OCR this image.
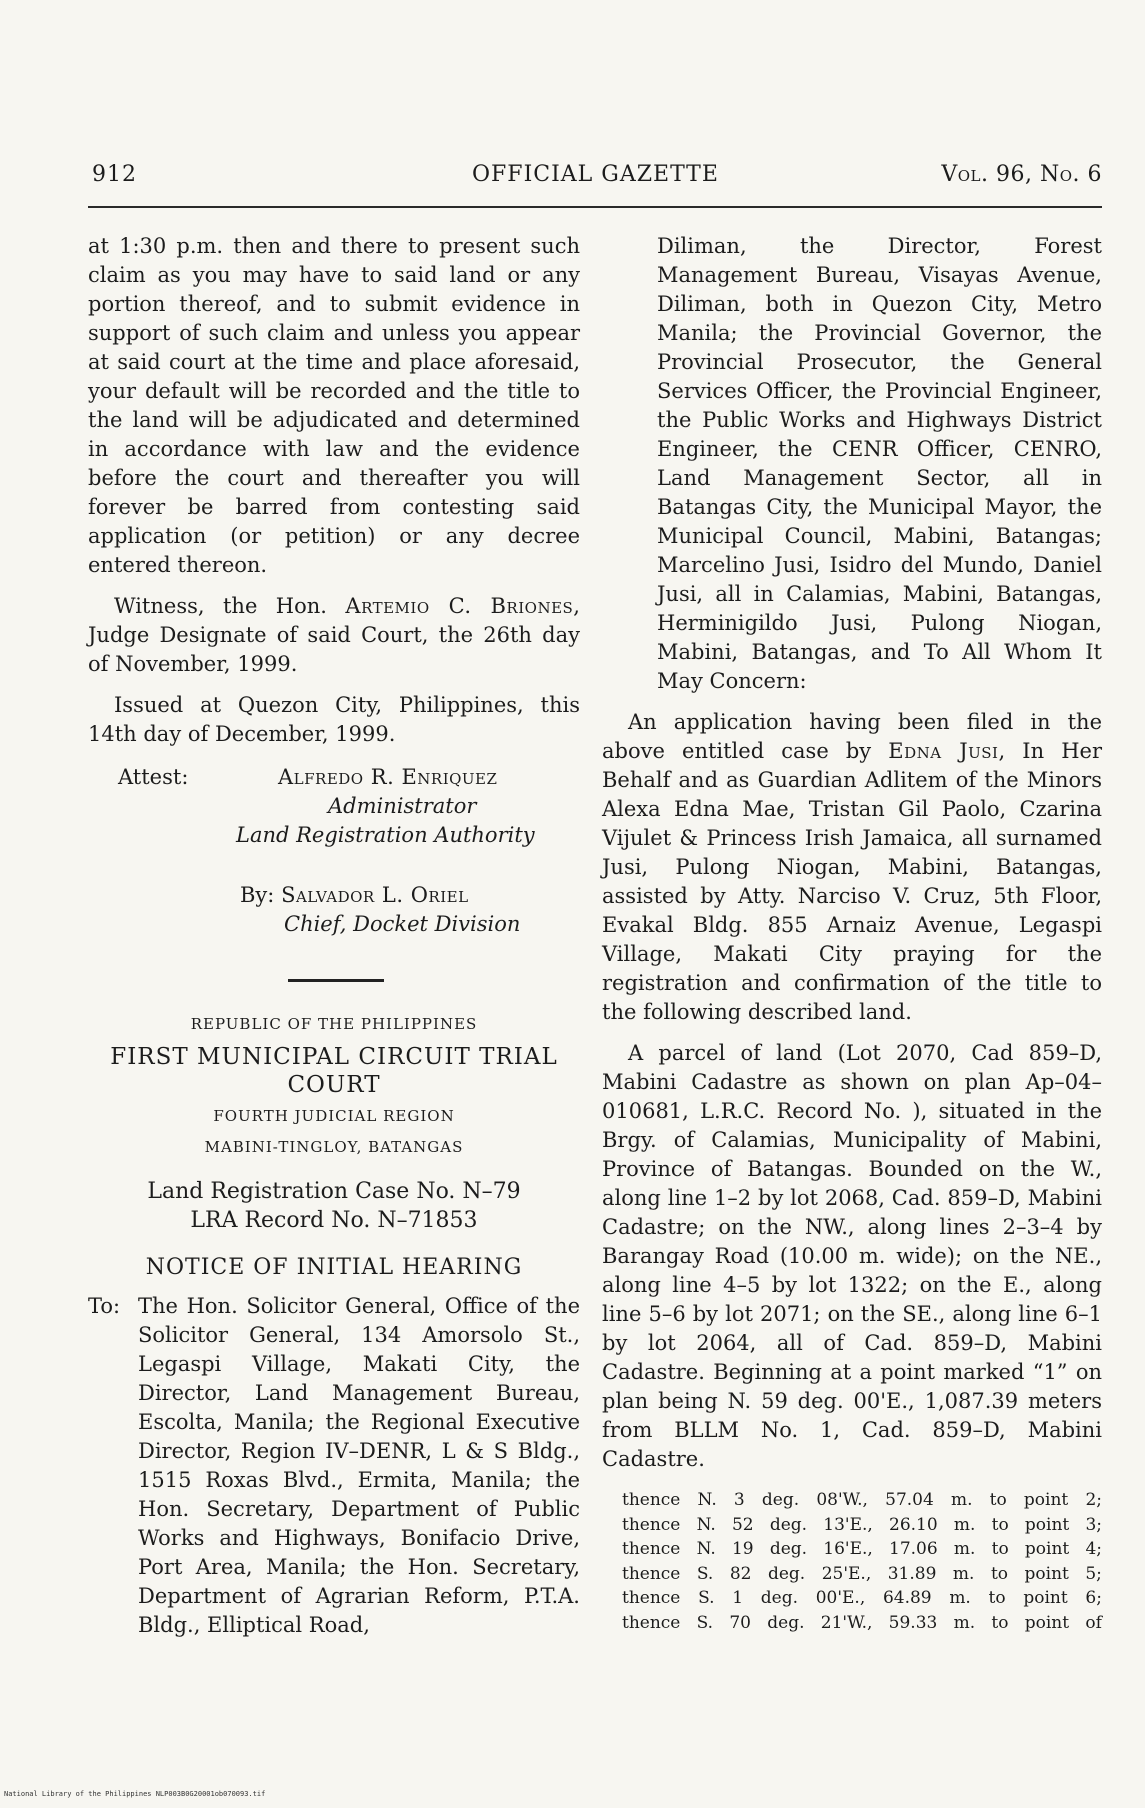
912	OFFICIAL GAZETTE	Vol. 96, No. 6

at 1:30 p.m. then and there to present such claim as you may have to said land or any portion thereof, and to submit evidence in support of such claim and unless you appear at said court at the time and place aforesaid, your default will be recorded and the title to the land will be adjudicated and determined in accordance with law and the evidence before the court and thereafter you will forever be barred from contesting said application (or petition) or any decree entered thereon.

Witness, the Hon. Artemio C. Briones, Judge Designate of said Court, the 26th day of November, 1999.

Issued at Quezon City, Philippines, this 14th day of December, 1999.

Attest:	Alfredo R. Enriquez
Administrator
Land Registration Authority
By: Salvador L. Oriel
Chief, Docket Division
REPUBLIC OF THE PHILIPPINES
FIRST MUNICIPAL CIRCUIT TRIAL COURT
FOURTH JUDICIAL REGION
MABINI-TINGLOY, BATANGAS
Land Registration Case No. N–79
LRA Record No. N–71853
NOTICE OF INITIAL HEARING
To: The Hon. Solicitor General, Office of the Solicitor General, 134 Amorsolo St., Legaspi Village, Makati City, the Director, Land Management Bureau, Escolta, Manila; the Regional Executive Director, Region IV–DENR, L & S Bldg., 1515 Roxas Blvd., Ermita, Manila; the Hon. Secretary, Department of Public Works and Highways, Bonifacio Drive, Port Area, Manila; the Hon. Secretary, Department of Agrarian Reform, P.T.A. Bldg., Elliptical Road,

Diliman, the Director, Forest Management Bureau, Visayas Avenue, Diliman, both in Quezon City, Metro Manila; the Provincial Governor, the Provincial Prosecutor, the General Services Officer, the Provincial Engineer, the Public Works and Highways District Engineer, the CENR Officer, CENRO, Land Management Sector, all in Batangas City, the Municipal Mayor, the Municipal Council, Mabini, Batangas; Marcelino Jusi, Isidro del Mundo, Daniel Jusi, all in Calamias, Mabini, Batangas, Herminigildo Jusi, Pulong Niogan, Mabini, Batangas, and To All Whom It May Concern:

An application having been filed in the above entitled case by Edna Jusi, In Her Behalf and as Guardian Adlitem of the Minors Alexa Edna Mae, Tristan Gil Paolo, Czarina Vijulet & Princess Irish Jamaica, all surnamed Jusi, Pulong Niogan, Mabini, Batangas, assisted by Atty. Narciso V. Cruz, 5th Floor, Evakal Bldg. 855 Arnaiz Avenue, Legaspi Village, Makati City praying for the registration and confirmation of the title to the following described land.

A parcel of land (Lot 2070, Cad 859–D, Mabini Cadastre as shown on plan Ap–04–010681, L.R.C. Record No. ), situated in the Brgy. of Calamias, Municipality of Mabini, Province of Batangas. Bounded on the W., along line 1–2 by lot 2068, Cad. 859–D, Mabini Cadastre; on the NW., along lines 2–3–4 by Barangay Road (10.00 m. wide); on the NE., along line 4–5 by lot 1322; on the E., along line 5–6 by lot 2071; on the SE., along line 6–1 by lot 2064, all of Cad. 859–D, Mabini Cadastre. Beginning at a point marked “1” on plan being N. 59 deg. 00'E., 1,087.39 meters from BLLM No. 1, Cad. 859–D, Mabini Cadastre.

thence N. 3 deg. 08'W., 57.04 m. to point 2;
thence N. 52 deg. 13'E., 26.10 m. to point 3;
thence N. 19 deg. 16'E., 17.06 m. to point 4;
thence S. 82 deg. 25'E., 31.89 m. to point 5;
thence S. 1 deg. 00'E., 64.89 m. to point 6;
thence S. 70 deg. 21'W., 59.33 m. to point of
National Library of the Philippines NLP003B0G20001ob070093.tif
